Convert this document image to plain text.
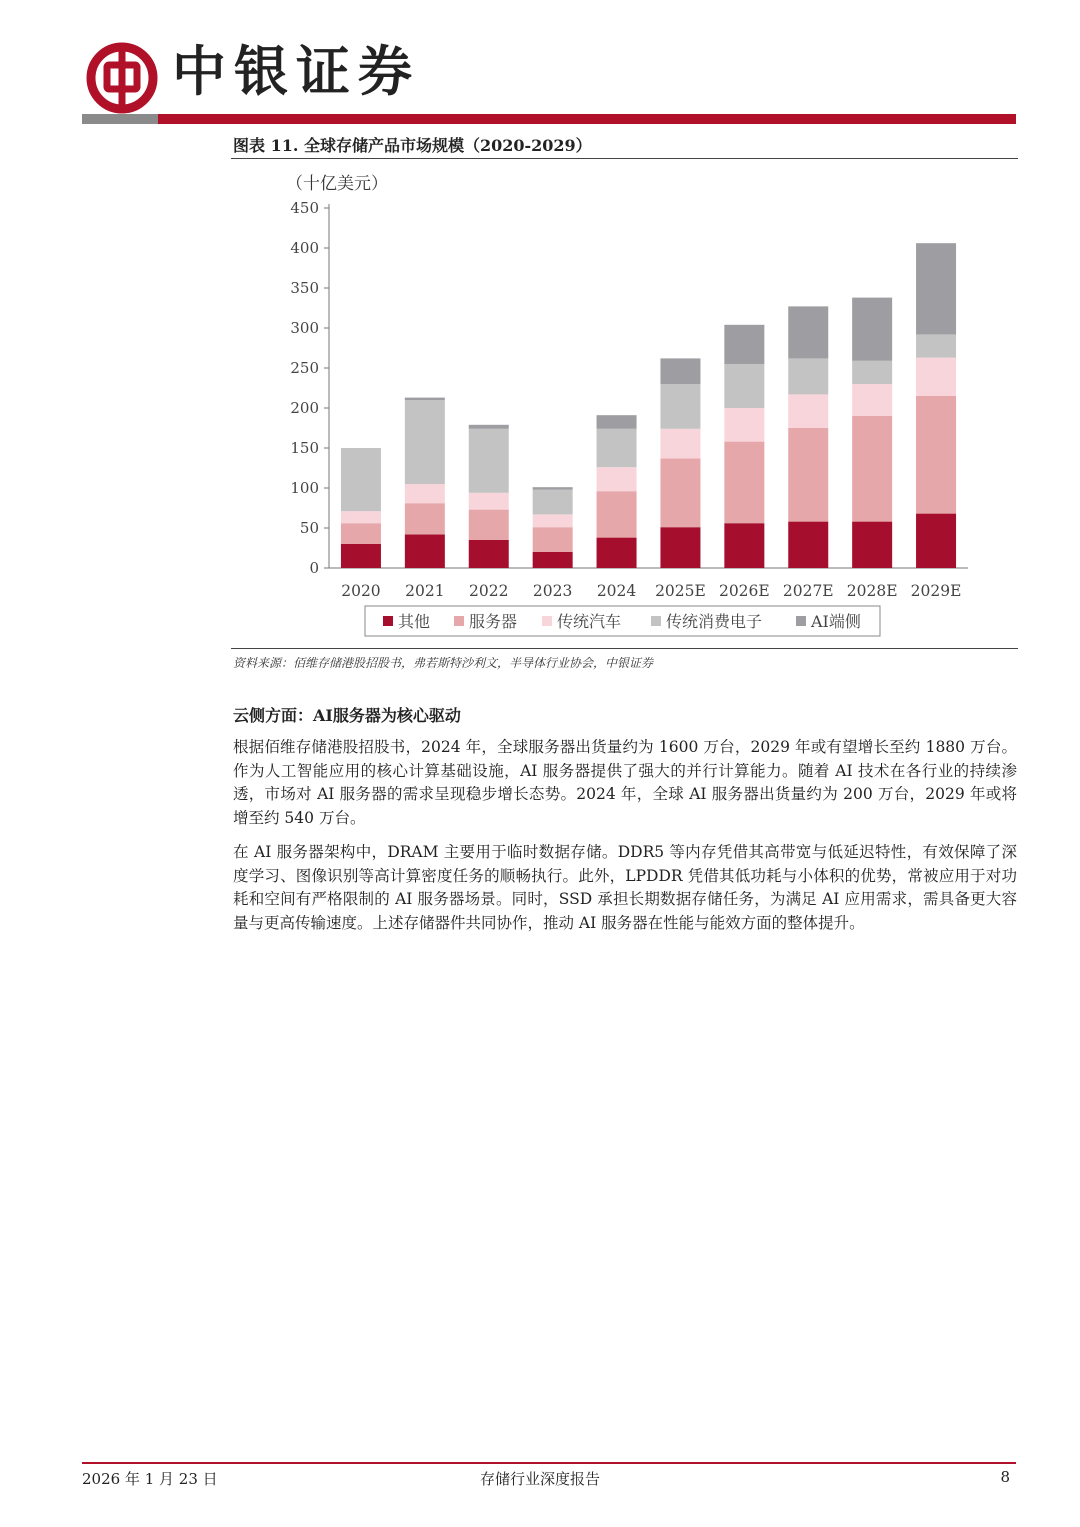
中银证券
图表 11. 全球存储产品市场规模（2020-2029）
（十亿美元）
0
50
100
150
200
250
300
350
400
450
2020 2021 2022 2023 2024 2025E 2026E 2027E 2028E 2029E
其他 服务器 传统汽车	传统消费电子	AI端侧
资料来源：佰维存储港股招股书，弗若斯特沙利文，半导体行业协会，中银证券
云侧方面：AI服务器为核心驱动
根据佰维存储港股招股书，2024 年，全球服务器出货量约为 1600 万台，2029 年或有望增长至约 1880 万台。作为人工智能应用的核心计算基础设施，AI 服务器提供了强大的并行计算能力。随着 AI 技术在各行业的持续渗透，市场对 AI 服务器的需求呈现稳步增长态势。2024 年，全球 AI 服务器出货量约为 200 万台，2029 年或将增至约 540 万台。
在 AI 服务器架构中，DRAM 主要用于临时数据存储。DDR5 等内存凭借其高带宽与低延迟特性，有效保障了深度学习、图像识别等高计算密度任务的顺畅执行。此外，LPDDR 凭借其低功耗与小体积的优势，常被应用于对功耗和空间有严格限制的 AI 服务器场景。同时，SSD 承担长期数据存储任务，为满足 AI 应用需求，需具备更大容量与更高传输速度。上述存储器件共同协作，推动 AI 服务器在性能与能效方面的整体提升。
2026 年 1 月 23 日	存储行业深度报告	8
